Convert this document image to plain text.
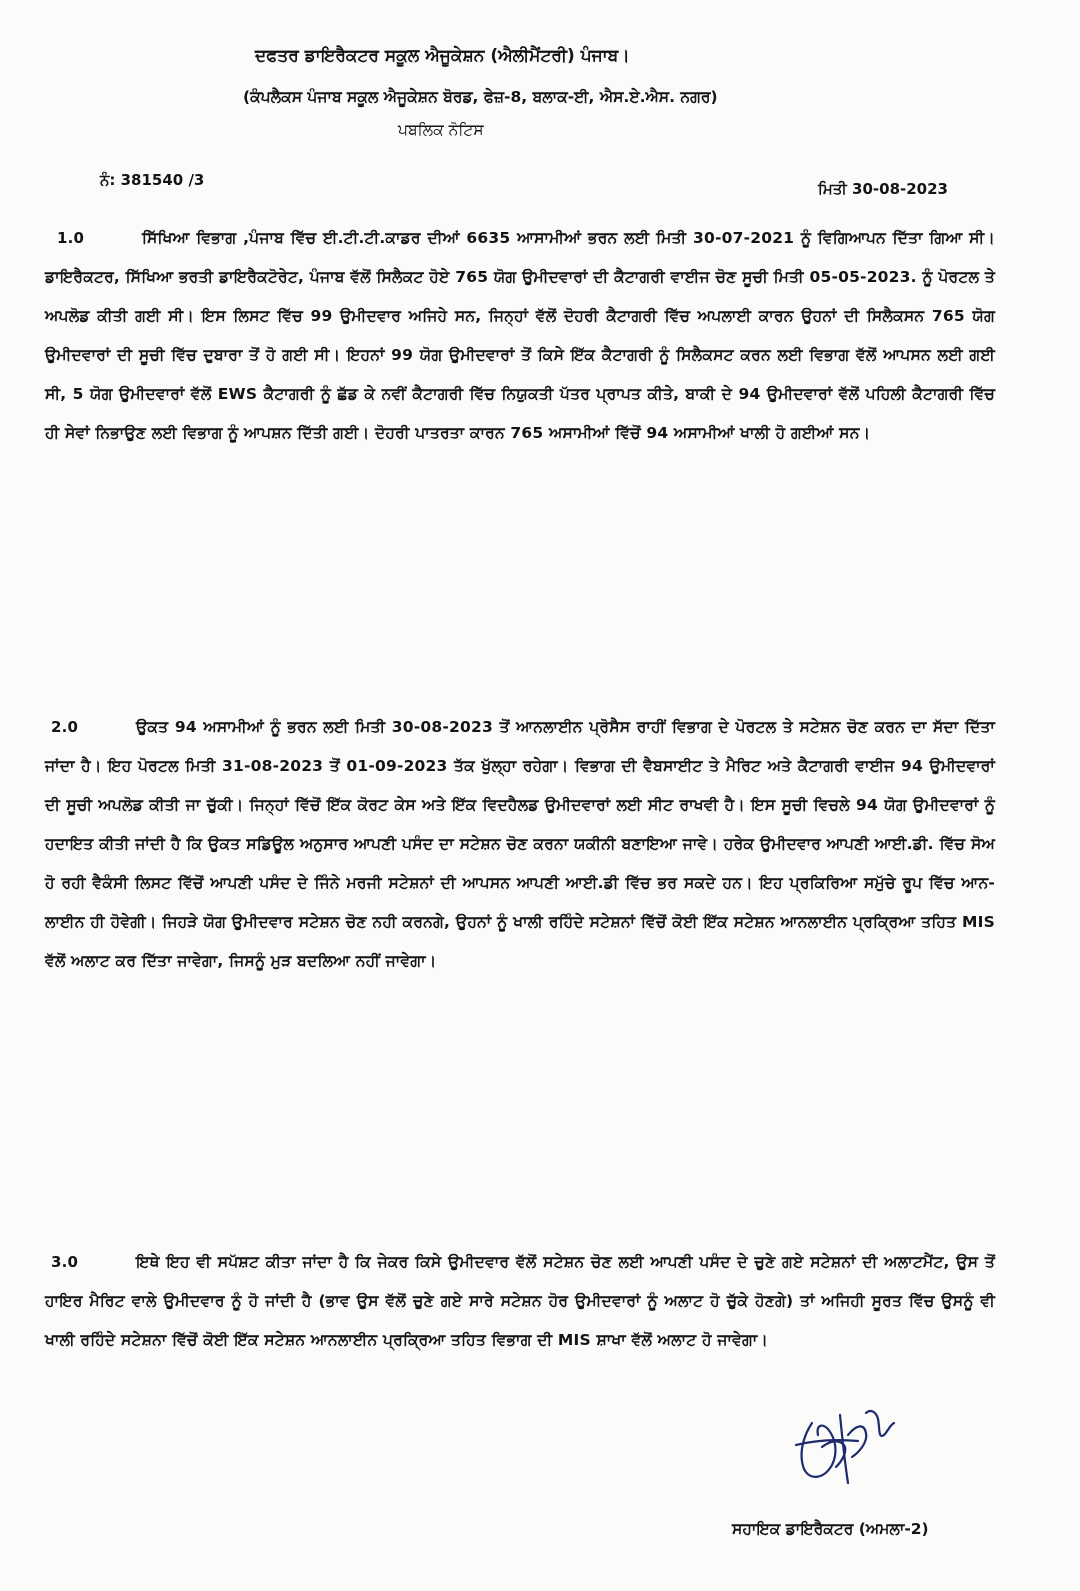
ਦਫਤਰ ਡਾਇਰੈਕਟਰ ਸਕੂਲ ਐਜੂਕੇਸ਼ਨ (ਐਲੀਮੈਂਟਰੀ) ਪੰਜਾਬ।
(ਕੰਪਲੈਕਸ ਪੰਜਾਬ ਸਕੂਲ ਐਜੂਕੇਸ਼ਨ ਬੋਰਡ, ਫੇਜ਼-8, ਬਲਾਕ-ਈ, ਐਸ.ਏ.ਐਸ. ਨਗਰ)
ਪਬਲਿਕ ਨੋਟਿਸ
ਨੰ: 381540 /3	ਮਿਤੀ 30-08-2023
1.0	ਸਿੱਖਿਆ ਵਿਭਾਗ ,ਪੰਜਾਬ ਵਿੱਚ ਈ.ਟੀ.ਟੀ.ਕਾਡਰ ਦੀਆਂ 6635 ਆਸਾਮੀਆਂ ਭਰਨ ਲਈ ਮਿਤੀ 30-07-2021 ਨੂੰ ਵਿਗਿਆਪਨ ਦਿੱਤਾ ਗਿਆ ਸੀ। ਡਾਇਰੈਕਟਰ, ਸਿੱਖਿਆ ਭਰਤੀ ਡਾਇਰੈਕਟੋਰੇਟ, ਪੰਜਾਬ ਵੱਲੋਂ ਸਿਲੈਕਟ ਹੋਏ 765 ਯੋਗ ਉਮੀਦਵਾਰਾਂ ਦੀ ਕੈਟਾਗਰੀ ਵਾਈਜ ਚੋਣ ਸੂਚੀ ਮਿਤੀ 05-05-2023. ਨੂੰ ਪੋਰਟਲ ਤੇ ਅਪਲੋਡ ਕੀਤੀ ਗਈ ਸੀ। ਇਸ ਲਿਸਟ ਵਿੱਚ 99 ਉਮੀਦਵਾਰ ਅਜਿਹੇ ਸਨ, ਜਿਨ੍ਹਾਂ ਵੱਲੋਂ ਦੋਹਰੀ ਕੈਟਾਗਰੀ ਵਿੱਚ ਅਪਲਾਈ ਕਾਰਨ ਉਹਨਾਂ ਦੀ ਸਿਲੈਕਸਨ 765 ਯੋਗ ਉਮੀਦਵਾਰਾਂ ਦੀ ਸੂਚੀ ਵਿੱਚ ਦੁਬਾਰਾ ਤੋਂ ਹੋ ਗਈ ਸੀ। ਇਹਨਾਂ 99 ਯੋਗ ਉਮੀਦਵਾਰਾਂ ਤੋਂ ਕਿਸੇ ਇੱਕ ਕੈਟਾਗਰੀ ਨੂੰ ਸਿਲੈਕਸਟ ਕਰਨ ਲਈ ਵਿਭਾਗ ਵੱਲੋਂ ਆਪਸਨ ਲਈ ਗਈ ਸੀ, 5 ਯੋਗ ਉਮੀਦਵਾਰਾਂ ਵੱਲੋਂ EWS ਕੈਟਾਗਰੀ ਨੂੰ ਛੱਡ ਕੇ ਨਵੀਂ ਕੈਟਾਗਰੀ ਵਿੱਚ ਨਿਯੁਕਤੀ ਪੱਤਰ ਪ੍ਰਾਪਤ ਕੀਤੇ, ਬਾਕੀ ਦੇ 94 ਉਮੀਦਵਾਰਾਂ ਵੱਲੋਂ ਪਹਿਲੀ ਕੈਟਾਗਰੀ ਵਿੱਚ ਹੀ ਸੇਵਾਂ ਨਿਭਾਉਣ ਲਈ ਵਿਭਾਗ ਨੂੰ ਆਪਸ਼ਨ ਦਿੱਤੀ ਗਈ। ਦੋਹਰੀ ਪਾਤਰਤਾ ਕਾਰਨ 765 ਅਸਾਮੀਆਂ ਵਿੱਚੋਂ 94 ਅਸਾਮੀਆਂ ਖਾਲੀ ਹੋ ਗਈਆਂ ਸਨ।
2.0	ਉਕਤ 94 ਅਸਾਮੀਆਂ ਨੂੰ ਭਰਨ ਲਈ ਮਿਤੀ 30-08-2023 ਤੋਂ ਆਨਲਾਈਨ ਪ੍ਰੋਸੈਸ ਰਾਹੀਂ ਵਿਭਾਗ ਦੇ ਪੋਰਟਲ ਤੇ ਸਟੇਸ਼ਨ ਚੋਣ ਕਰਨ ਦਾ ਸੱਦਾ ਦਿੱਤਾ ਜਾਂਦਾ ਹੈ। ਇਹ ਪੋਰਟਲ ਮਿਤੀ 31-08-2023 ਤੋਂ 01-09-2023 ਤੱਕ ਖੁੱਲ੍ਹਾ ਰਹੇਗਾ। ਵਿਭਾਗ ਦੀ ਵੈਬਸਾਈਟ ਤੇ ਮੈਰਿਟ ਅਤੇ ਕੈਟਾਗਰੀ ਵਾਈਜ 94 ਉਮੀਦਵਾਰਾਂ ਦੀ ਸੂਚੀ ਅਪਲੋਡ ਕੀਤੀ ਜਾ ਚੁੱਕੀ। ਜਿਨ੍ਹਾਂ ਵਿੱਚੋਂ ਇੱਕ ਕੋਰਟ ਕੇਸ ਅਤੇ ਇੱਕ ਵਿਦਹੈਲਡ ਉਮੀਦਵਾਰਾਂ ਲਈ ਸੀਟ ਰਾਖਵੀ ਹੈ। ਇਸ ਸੂਚੀ ਵਿਚਲੇ 94 ਯੋਗ ਉਮੀਦਵਾਰਾਂ ਨੂੰ ਹਦਾਇਤ ਕੀਤੀ ਜਾਂਦੀ ਹੈ ਕਿ ਉਕਤ ਸਡਿਊਲ ਅਨੁਸਾਰ ਆਪਣੀ ਪਸੰਦ ਦਾ ਸਟੇਸ਼ਨ ਚੋਣ ਕਰਨਾ ਯਕੀਨੀ ਬਣਾਇਆ ਜਾਵੇ। ਹਰੇਕ ਉਮੀਦਵਾਰ ਆਪਣੀ ਆਈ.ਡੀ. ਵਿੱਚ ਸੋਅ ਹੋ ਰਹੀ ਵੈਕੰਸੀ ਲਿਸਟ ਵਿੱਚੋਂ ਆਪਣੀ ਪਸੰਦ ਦੇ ਜਿੰਨੇ ਮਰਜੀ ਸਟੇਸ਼ਨਾਂ ਦੀ ਆਪਸਨ ਆਪਣੀ ਆਈ.ਡੀ ਵਿੱਚ ਭਰ ਸਕਦੇ ਹਨ। ਇਹ ਪ੍ਰਕਿਰਿਆ ਸਮੁੱਚੇ ਰੂਪ ਵਿੱਚ ਆਨ-ਲਾਈਨ ਹੀ ਹੋਵੇਗੀ। ਜਿਹੜੇ ਯੋਗ ਉਮੀਦਵਾਰ ਸਟੇਸ਼ਨ ਚੋਣ ਨਹੀ ਕਰਨਗੇ, ਉਹਨਾਂ ਨੂੰ ਖਾਲੀ ਰਹਿੰਦੇ ਸਟੇਸ਼ਨਾਂ ਵਿੱਚੋਂ ਕੋਈ ਇੱਕ ਸਟੇਸ਼ਨ ਆਨਲਾਈਨ ਪ੍ਰਕ੍ਰਿਆ ਤਹਿਤ MIS ਵੱਲੋਂ ਅਲਾਟ ਕਰ ਦਿੱਤਾ ਜਾਵੇਗਾ, ਜਿਸਨੂੰ ਮੁੜ ਬਦਲਿਆ ਨਹੀਂ ਜਾਵੇਗਾ।
3.0	ਇਥੇ ਇਹ ਵੀ ਸਪੱਸ਼ਟ ਕੀਤਾ ਜਾਂਦਾ ਹੈ ਕਿ ਜੇਕਰ ਕਿਸੇ ਉਮੀਦਵਾਰ ਵੱਲੋਂ ਸਟੇਸ਼ਨ ਚੋਣ ਲਈ ਆਪਣੀ ਪਸੰਦ ਦੇ ਚੁਣੇ ਗਏ ਸਟੇਸ਼ਨਾਂ ਦੀ ਅਲਾਟਮੈਂਟ, ਉਸ ਤੋਂ ਹਾਇਰ ਮੈਰਿਟ ਵਾਲੇ ਉਮੀਦਵਾਰ ਨੂੰ ਹੋ ਜਾਂਦੀ ਹੈ (ਭਾਵ ਉਸ ਵੱਲੋਂ ਚੁਣੇ ਗਏ ਸਾਰੇ ਸਟੇਸ਼ਨ ਹੋਰ ਉਮੀਦਵਾਰਾਂ ਨੂੰ ਅਲਾਟ ਹੋ ਚੁੱਕੇ ਹੋਣਗੇ) ਤਾਂ ਅਜਿਹੀ ਸੂਰਤ ਵਿੱਚ ਉਸਨੂੰ ਵੀ ਖਾਲੀ ਰਹਿੰਦੇ ਸਟੇਸ਼ਨਾ ਵਿੱਚੋਂ ਕੋਈ ਇੱਕ ਸਟੇਸ਼ਨ ਆਨਲਾਈਨ ਪ੍ਰਕ੍ਰਿਆ ਤਹਿਤ ਵਿਭਾਗ ਦੀ MIS ਸ਼ਾਖਾ ਵੱਲੋਂ ਅਲਾਟ ਹੋ ਜਾਵੇਗਾ।
ਸਹਾਇਕ ਡਾਇਰੈਕਟਰ (ਅਮਲਾ-2)
